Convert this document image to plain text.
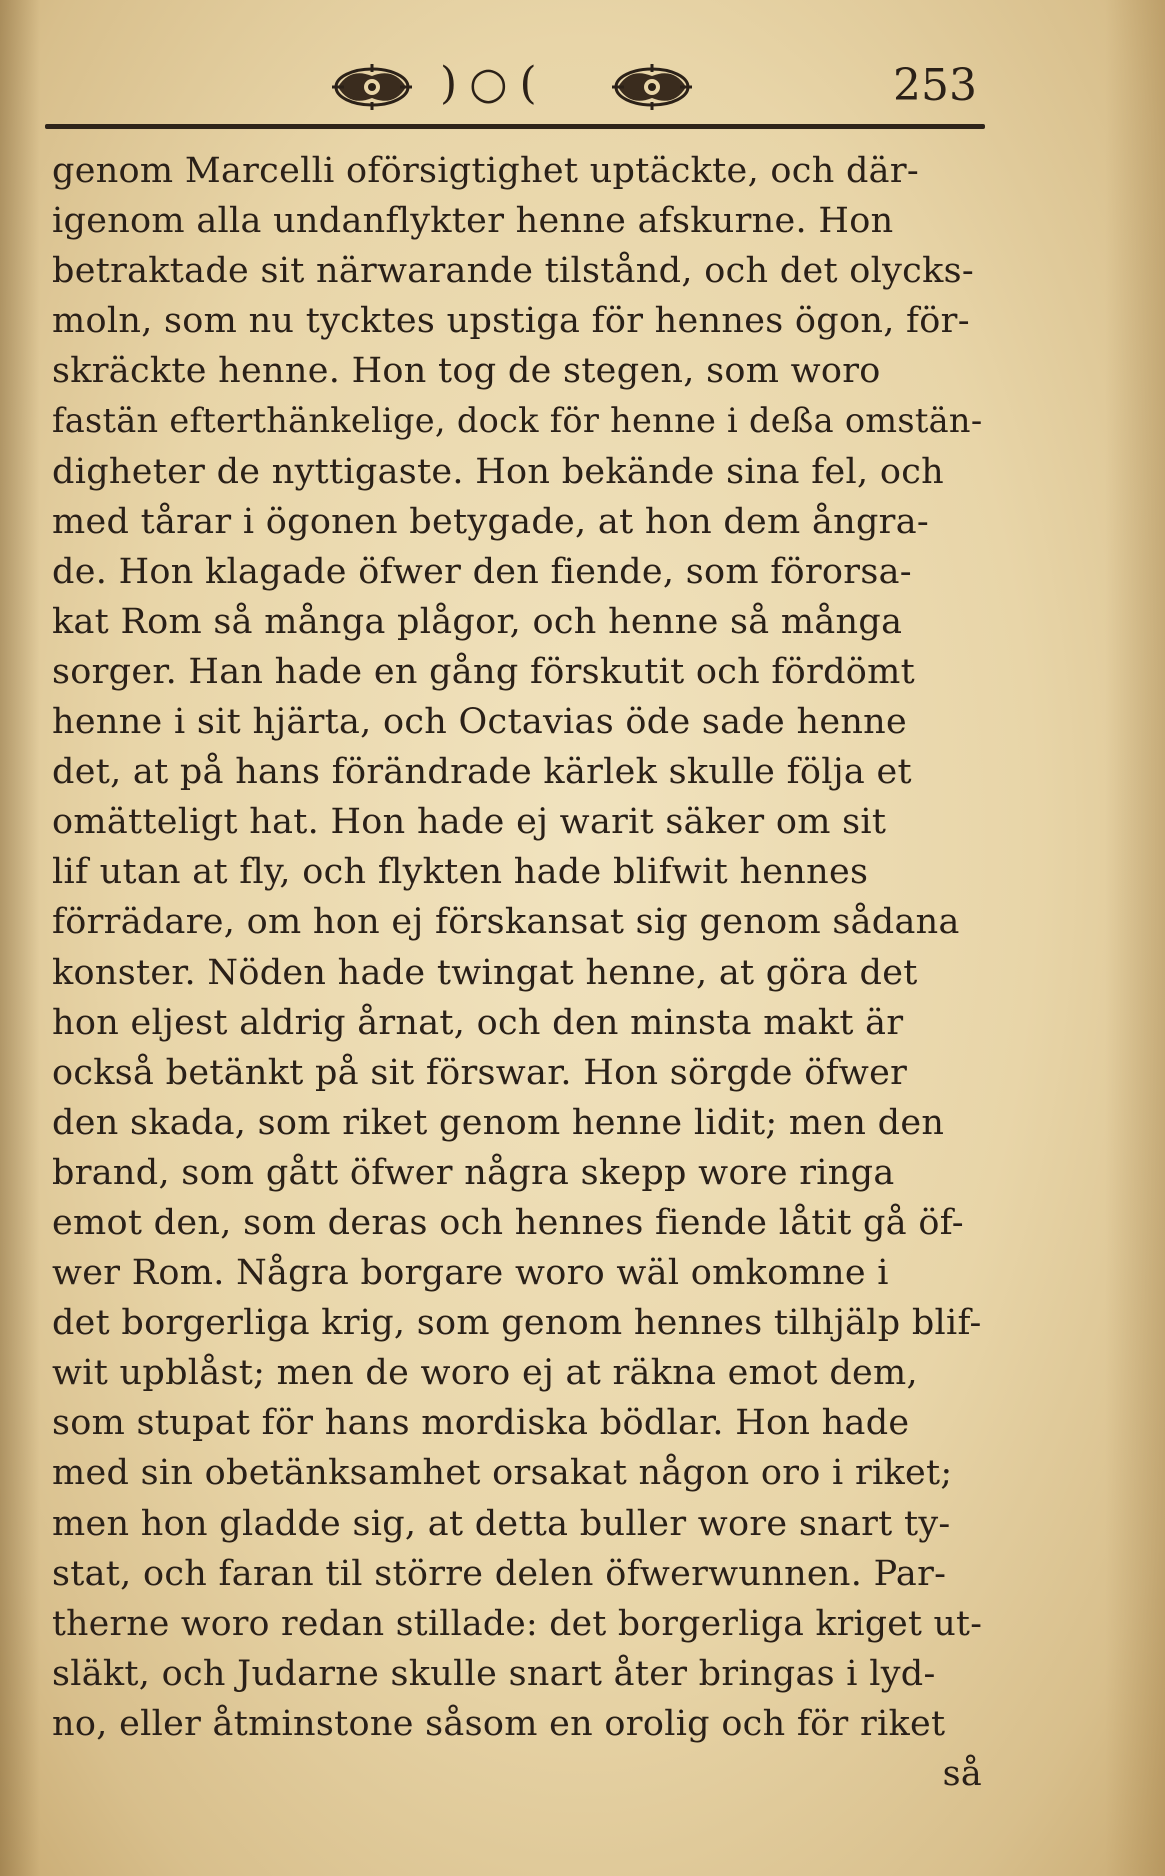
)○(	253
genom Marcelli oförsigtighet uptäckte, och där-
igenom alla undanflykter henne afskurne. Hon
betraktade sit närwarande tilstånd, och det olycks-
moln, som nu tycktes upstiga för hennes ögon, för-
skräckte henne. Hon tog de stegen, som woro
fastän efterthänkelige, dock för henne i deßa omstän-
digheter de nyttigaste. Hon bekände sina fel, och
med tårar i ögonen betygade, at hon dem ångra-
de. Hon klagade öfwer den fiende, som förorsa-
kat Rom så många plågor, och henne så många
sorger. Han hade en gång förskutit och fördömt
henne i sit hjärta, och Octavias öde sade henne
det, at på hans förändrade kärlek skulle följa et
omätteligt hat. Hon hade ej warit säker om sit
lif utan at fly, och flykten hade blifwit hennes
förrädare, om hon ej förskansat sig genom sådana
konster. Nöden hade twingat henne, at göra det
hon eljest aldrig årnat, och den minsta makt är
också betänkt på sit förswar. Hon sörgde öfwer
den skada, som riket genom henne lidit; men den
brand, som gått öfwer några skepp wore ringa
emot den, som deras och hennes fiende låtit gå öf-
wer Rom. Några borgare woro wäl omkomne i
det borgerliga krig, som genom hennes tilhjälp blif-
wit upblåst; men de woro ej at räkna emot dem,
som stupat för hans mordiska bödlar. Hon hade
med sin obetänksamhet orsakat någon oro i riket;
men hon gladde sig, at detta buller wore snart ty-
stat, och faran til större delen öfwerwunnen. Par-
therne woro redan stillade: det borgerliga kriget ut-
släkt, och Judarne skulle snart åter bringas i lyd-
no, eller åtminstone såsom en orolig och för riket
så
